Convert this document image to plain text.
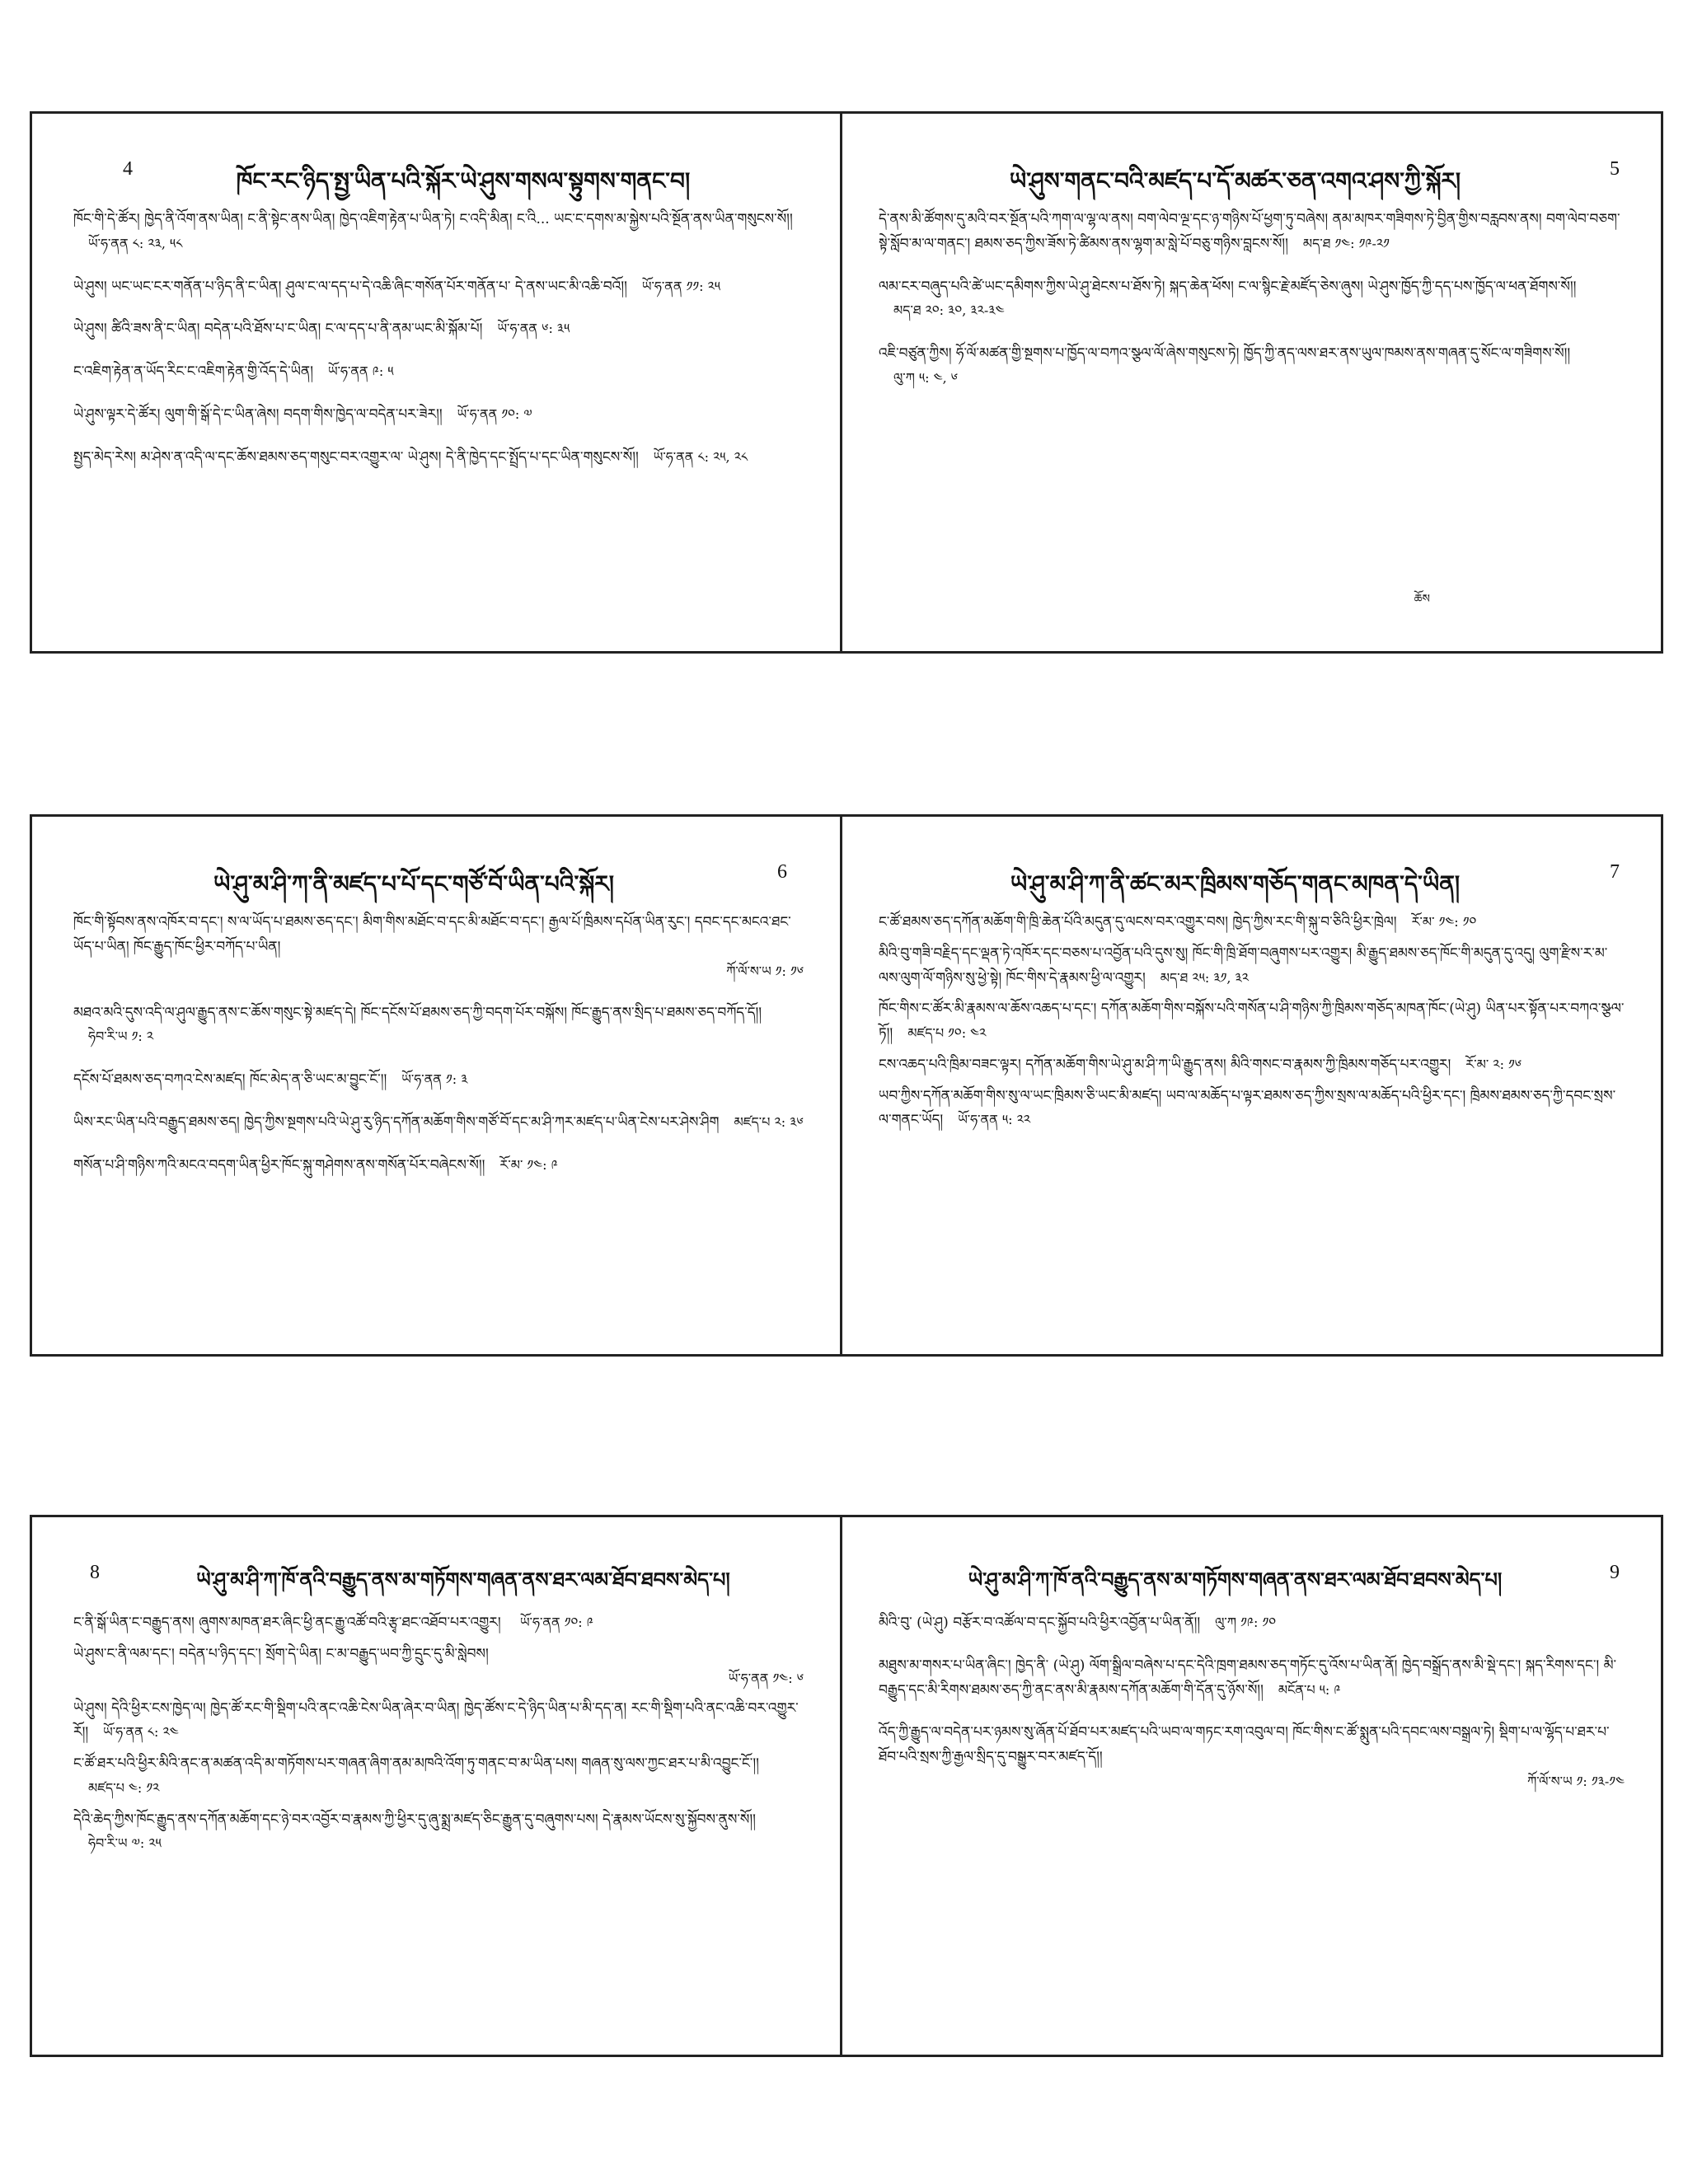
4	ཁོང་རང་ཉིད་སྤྱ་ཡིན་པའི་སྐོར་ཡེ་ཤུས་གསལ་སྟུགས་གནང་བ།

ཁོང་གི་དེ་ཚོར། ཁྱེད་ནི་འོག་ནས་ཡིན། ང་ནི་སྟེང་ནས་ཡིན། ཁྱེད་འཇིག་རྟེན་པ་ཡིན་ཏེ། ང་འདི་མིན། ང་འི... ཡང་ང་དགས་མ་སྐྱེས་པའི་སྔོན་ནས་ཡིན་གསུངས་སོ།།ཡོ་ཧ་ནན ༨: ༢༣, ༥༨

ཡེ་ཤུས། ཡང་ཡང་ངར་གནོན་པ་ཉིད་ནི་ང་ཡིན། ཤུལ་ང་ལ་དད་པ་དེ་འཆི་ཞིང་གསོན་པོར་གནོན་པ་ དེ་ནས་ཡང་མི་འཆི་བའོ།། ཡོ་ཧ་ནན ༡༡: ༢༥

ཡེ་ཤུས། ཚིའི་ཟས་ནི་ང་ཡིན། བདེན་པའི་ཐོས་པ་ང་ཡིན། ང་ལ་དད་པ་ནི་ནམ་ཡང་མི་སྐོམ་པོ། ཡོ་ཧ་ནན ༦: ༣༥

ང་འཇིག་རྟེན་ན་ཡོད་རིང་ང་འཇིག་རྟེན་གྱི་འོད་དེ་ཡིན། ཡོ་ཧ་ནན ༩: ༥

ཡེ་ཤུས་ལྟར་དེ་ཚོར། ལུག་གི་སྒོ་དེ་ང་ཡིན་ཞེས། བདག་གིས་ཁྱེད་ལ་བདེན་པར་ཟེར།། ཡོ་ཧ་ནན ༡༠: ༧

སྤྱད་མེད་རེས། མ་ཤེས་ན་འདི་ལ་དང་ཆོས་ཐམས་ཅད་གསུང་བར་འགྱུར་ལ་ ཡེ་ཤུས། དེ་ནི་ཁྱེད་དང་སྤྲོད་པ་དང་ཡིན་གསུངས་སོ།། ཡོ་ཧ་ནན ༨: ༢༥, ༢༨

ཡེ་ཤུས་གནང་བའི་མཛད་པ་དོ་མཚར་ཅན་འགའ་ཤས་ཀྱི་སྐོར།	5

དེ་ནས་མི་ཚོགས་དུ་མའི་བར་སྔོན་པའི་ཀག་ལ་ལྷ་ལ་ནས། བག་ལེབ་ལྔ་དང་ཉ་གཉིས་པོ་ཕྱག་ཏུ་བཞེས། ནམ་མཁར་གཟིགས་ཏེ་བྱིན་གྱིས་བརླབས་ནས། བག་ལེབ་བཅག་སྟེ་སློབ་མ་ལ་གནང་། ཐམས་ཅད་ཀྱིས་ཟོས་ཏེ་ཚིམས་ནས་ལྷག་མ་སླེ་པོ་བཅུ་གཉིས་བླངས་སོ།། མད་ཐ ༡༤: ༡༩-༢༡

ལམ་ངར་བཞུད་པའི་ཚེ་ཡང་དམིགས་ཀྱིས་ཡེ་ཤུ་ཐེངས་པ་ཐོས་ཏེ། སྐད་ཆེན་ཕོས། ང་ལ་སྙིང་རྗེ་མཛོད་ཅེས་ཞུས། ཡེ་ཤུས་ཁྱོད་ཀྱི་དད་པས་ཁྱོད་ལ་ཕན་ཐོགས་སོ།།མད་ཐ ༢༠: ༣༠, ༣༢-༣༤

འཇི་བཙུན་ཀྱིས། ཧོ་ལོ་མཚན་གྱི་སྔགས་པ་ཁྱོད་ལ་བཀའ་སྩལ་ལོ་ཞེས་གསུངས་ཏེ། ཁྱོད་ཀྱི་ནད་ལས་ཐར་ནས་ཡུལ་ཁམས་ནས་གཞན་དུ་སོང་ལ་གཟིགས་སོ།།ལུ་ཀ ༥: ༤, ༦

ཆོས
ཡེ་ཤུ་མ་ཤི་ཀ་ནི་མཛད་པ་པོ་དང་གཙོ་བོ་ཡིན་པའི་སྐོར།	6

ཁོང་གི་སྟོབས་ནས་འཁོར་བ་དང་། ས་ལ་ཡོད་པ་ཐམས་ཅད་དང་། མིག་གིས་མཐོང་བ་དང་མི་མཐོང་བ་དང་། རྒྱལ་པོ་ཁྲིམས་དཔོན་ཡིན་རུང་། དབང་དང་མངའ་ཐང་ཡོད་པ་ཡིན། ཁོང་རྒྱུད་ཁོང་ཕྱིར་བཀོད་པ་ཡིན།
ཀོ་ལོ་ས་ཡ ༡: ༡༦

མཐའ་མའི་དུས་འདི་ལ་ཤུལ་རྒྱུད་ནས་ང་ཆོས་གསུང་སྟེ་མཛད་དེ། ཁོང་དངོས་པོ་ཐམས་ཅད་ཀྱི་བདག་པོར་བསྐོས། ཁོང་རྒྱུད་ནས་སྲིད་པ་ཐམས་ཅད་བཀོད་དོ།།ཧེབ་རི་ཡ ༡: ༢

དངོས་པོ་ཐམས་ཅད་བཀའ་ངེས་མཛད། ཁོང་མེད་ན་ཅི་ཡང་མ་བྱུང་ངོ་།། ཡོ་ཧ་ནན ༡: ༣

ཡིས་རང་ཡིན་པའི་བརྒྱུད་ཐམས་ཅད། ཁྱེད་ཀྱིས་སྔགས་པའི་ཡེ་ཤུ་རུ་ཉིད་དཀོན་མཆོག་གིས་གཙོ་བོ་དང་མ་ཤི་ཀར་མཛད་པ་ཡིན་ངེས་པར་ཤེས་ཤིག མཛད་པ ༢: ༣༦

གསོན་པ་ཤི་གཉིས་ཀའི་མངའ་བདག་ཡིན་ཕྱིར་ཁོང་སྐུ་གཤེགས་ནས་གསོན་པོར་བཞེངས་སོ།། རོ་མ་ ༡༤: ༩

ཡེ་ཤུ་མ་ཤི་ཀ་ནི་ཚང་མར་ཁྲིམས་གཅོད་གནང་མཁན་དེ་ཡིན།	7

ང་ཚོ་ཐམས་ཅད་དཀོན་མཆོག་གི་ཁྲི་ཆེན་པོའི་མདུན་དུ་ལངས་བར་འགྱུར་བས། ཁྱེད་ཀྱིས་རང་གི་སྐུ་བ་ཅིའི་ཕྱིར་ཁྲེལ། རོ་མ་ ༡༤: ༡༠

མིའི་བུ་གཟི་བརྗིད་དང་ལྡན་ཏེ་འཁོར་དང་བཅས་པ་འབྱོན་པའི་དུས་སུ། ཁོང་གི་ཁྲི་ཐོག་བཞུགས་པར་འགྱུར། མི་རྒྱུད་ཐམས་ཅད་ཁོང་གི་མདུན་དུ་འདུ། ལུག་རྫིས་ར་མ་ལས་ལུག་ལོ་གཉིས་སུ་ཕྱེ་སྟེ། ཁོང་གིས་དེ་རྣམས་ཕྱི་ལ་འགྱུར། མད་ཐ ༢༥: ༣༡, ༣༢

ཁོང་གིས་ང་ཚོར་མི་རྣམས་ལ་ཆོས་འཆད་པ་དང་། དཀོན་མཆོག་གིས་བསྐོས་པའི་གསོན་པ་ཤི་གཉིས་ཀྱི་ཁྲིམས་གཅོད་མཁན་ཁོང་(ཡེ་ཤུ) ཡིན་པར་སྟོན་པར་བཀའ་སྩལ་ཏོ།། མཛད་པ ༡༠: ༤༢

ངས་འཆད་པའི་ཁྲིམ་བཟང་ལྟར། དཀོན་མཆོག་གིས་ཡེ་ཤུ་མ་ཤི་ཀ་ཡི་རྒྱུད་ནས། མིའི་གསང་བ་རྣམས་ཀྱི་ཁྲིམས་གཅོད་པར་འགྱུར། རོ་མ་ ༢: ༡༦

ཡབ་ཀྱིས་དཀོན་མཆོག་གིས་སུ་ལ་ཡང་ཁྲིམས་ཅི་ཡང་མི་མཛད། ཡབ་ལ་མཆོད་པ་ལྟར་ཐམས་ཅད་ཀྱིས་སྲས་ལ་མཆོད་པའི་ཕྱིར་དང་། ཁྲིམས་ཐམས་ཅད་ཀྱི་དབང་སྲས་ལ་གནང་ཡོད། ཡོ་ཧ་ནན ༥: ༢༢

8	ཡེ་ཤུ་མ་ཤི་ཀ་ཁོ་ནའི་བརྒྱུད་ནས་མ་གཏོགས་གཞན་ནས་ཐར་ལམ་ཐོབ་ཐབས་མེད་པ།

ང་ནི་སྒོ་ཡིན་ང་བརྒྱུད་ནས། ཞུགས་མཁན་ཐར་ཞིང་ཕྱི་ནང་རྒྱུ་འཚོ་བའི་རྩྭ་ཐང་འཐོབ་པར་འགྱུར། ཡོ་ཧ་ནན ༡༠: ༩

ཡེ་ཤུས་ང་ནི་ལམ་དང་། བདེན་པ་ཉིད་དང་། སྲོག་དེ་ཡིན། ང་མ་བརྒྱུད་ཡབ་ཀྱི་དྲུང་དུ་མི་སླེབས།
ཡོ་ཧ་ནན ༡༤: ༦

ཡེ་ཤུས། དེའི་ཕྱིར་ངས་ཁྱེད་ལ། ཁྱེད་ཚོ་རང་གི་སྡིག་པའི་ནང་འཆི་ངེས་ཡིན་ཞེར་བ་ཡིན། ཁྱེད་ཚོས་ང་དེ་ཉིད་ཡིན་པ་མི་དད་ན། རང་གི་སྡིག་པའི་ནང་འཆི་བར་འགྱུར་རོ།། ཡོ་ཧ་ནན ༨: ༢༤

ང་ཚོ་ཐར་པའི་ཕྱིར་མིའི་ནང་ན་མཚན་འདི་མ་གཏོགས་པར་གཞན་ཞིག་ནམ་མཁའི་འོག་ཏུ་གནང་བ་མ་ཡིན་པས། གཞན་སུ་ལས་ཀྱང་ཐར་པ་མི་འབྱུང་ངོ་།།མཛད་པ ༤: ༡༢

དེའི་ཆེད་ཀྱིས་ཁོང་རྒྱུད་ནས་དཀོན་མཆོག་དང་ཉེ་བར་འབྱོར་བ་རྣམས་ཀྱི་ཕྱིར་དུ་ཞུ་སྨྲ་མཛད་ཅིང་རྒྱུན་དུ་བཞུགས་པས། དེ་རྣམས་ཡོངས་སུ་སྐྱོབས་ནུས་སོ།།ཧེབ་རི་ཡ ༧: ༢༥

ཡེ་ཤུ་མ་ཤི་ཀ་ཁོ་ནའི་བརྒྱུད་ནས་མ་གཏོགས་གཞན་ནས་ཐར་ལམ་ཐོབ་ཐབས་མེད་པ།	9

མིའི་བུ་ (ཡེ་ཤུ) བརྩོར་བ་འཚོལ་བ་དང་སྐྱོབ་པའི་ཕྱིར་འབྱོན་པ་ཡིན་ནོ།། ལུ་ཀ ༡༩: ༡༠

མཐུས་མ་གསར་པ་ཡིན་ཞིང་། ཁྱེད་ནི་ (ཡེ་ཤུ) ལོག་སྒྲིལ་བཞེས་པ་དང་དེའི་ཁྲག་ཐམས་ཅད་གཏོང་དུ་འོས་པ་ཡིན་ནོ། ཁྱེད་བསྒྲོད་ནས་མི་སྡེ་དང་། སྐད་རིགས་དང་། མི་བརྒྱུད་དང་མི་རིགས་ཐམས་ཅད་ཀྱི་ནང་ནས་མི་རྣམས་དཀོན་མཆོག་གི་དོན་དུ་ཉོས་སོ།། མངོན་པ ༥: ༩

འོད་ཀྱི་རྒྱུད་ལ་བདེན་པར་ཉམས་སུ་ཞོན་པོ་ཐོབ་པར་མཛད་པའི་ཡབ་ལ་གཏང་རག་འབུལ་བ། ཁོང་གིས་ང་ཚོ་སྨུན་པའི་དབང་ལས་བསྒྲལ་ཏེ། སྡིག་པ་ལ་ལྷོད་པ་ཐར་པ་ཐོབ་པའི་སྲས་ཀྱི་རྒྱལ་སྲིད་དུ་བསྒྱུར་བར་མཛད་དོ།།
ཀོ་ལོ་ས་ཡ ༡: ༡༣-༡༤
